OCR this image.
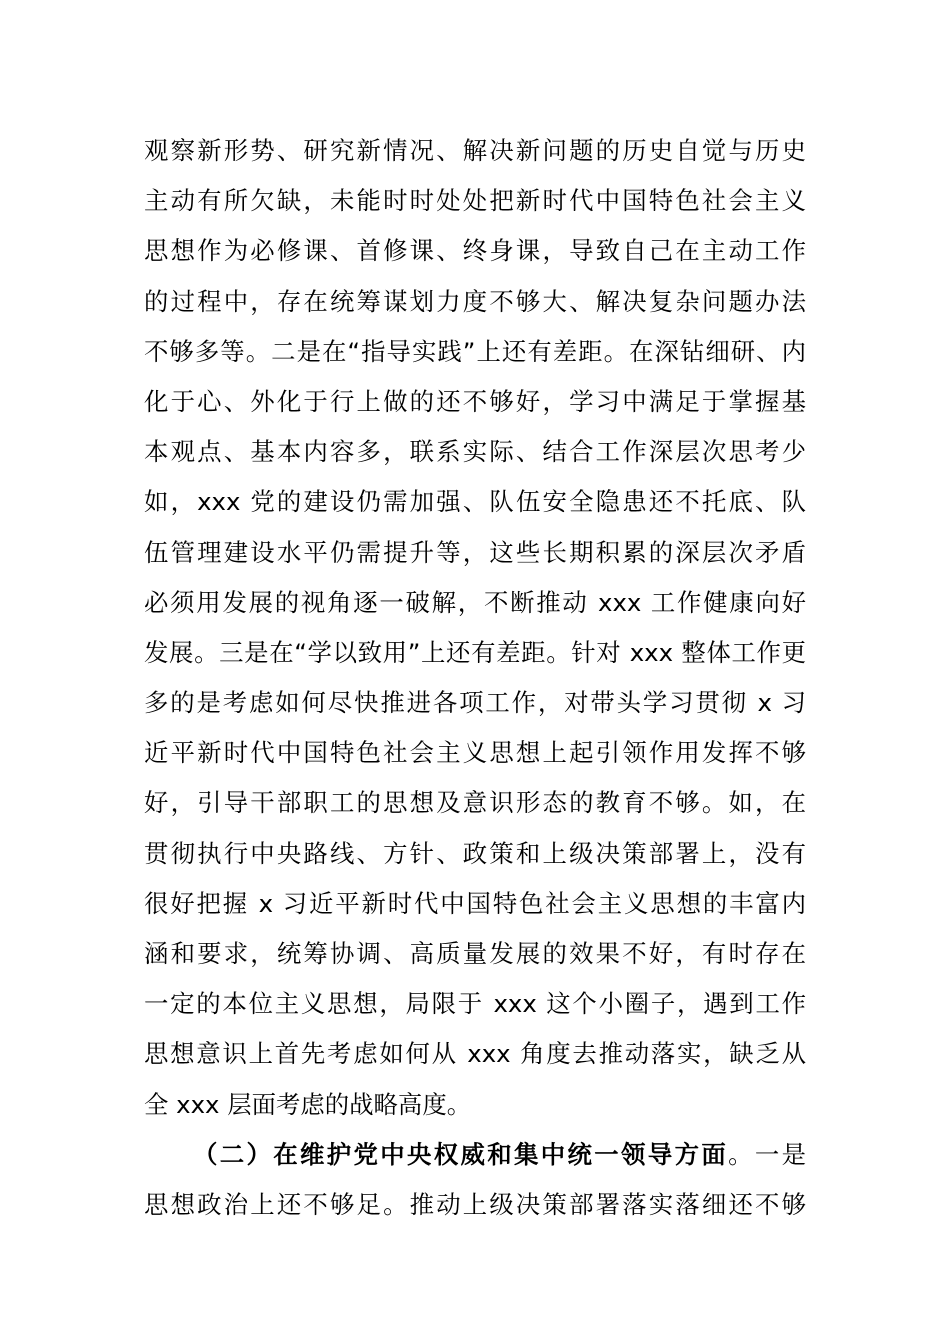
观察新形势、研究新情况、解决新问题的历史自觉与历史
主动有所欠缺，未能时时处处把新时代中国特色社会主义
思想作为必修课、首修课、终身课，导致自己在主动工作
的过程中，存在统筹谋划力度不够大、解决复杂问题办法
不够多等。二是在“指导实践”上还有差距。在深钻细研、内
化于心、外化于行上做的还不够好，学习中满足于掌握基
本观点、基本内容多，联系实际、结合工作深层次思考少
如，xxx 党的建设仍需加强、队伍安全隐患还不托底、队
伍管理建设水平仍需提升等，这些长期积累的深层次矛盾
必须用发展的视角逐一破解，不断推动 xxx 工作健康向好
发展。三是在“学以致用”上还有差距。针对 xxx 整体工作更
多的是考虑如何尽快推进各项工作，对带头学习贯彻 x 习
近平新时代中国特色社会主义思想上起引领作用发挥不够
好，引导干部职工的思想及意识形态的教育不够。如，在
贯彻执行中央路线、方针、政策和上级决策部署上，没有
很好把握 x 习近平新时代中国特色社会主义思想的丰富内
涵和要求，统筹协调、高质量发展的效果不好，有时存在
一定的本位主义思想，局限于 xxx 这个小圈子，遇到工作
思想意识上首先考虑如何从 xxx 角度去推动落实，缺乏从
全 xxx 层面考虑的战略高度。
（二）在维护党中央权威和集中统一领导方面。一是
思想政治上还不够足。推动上级决策部署落实落细还不够
